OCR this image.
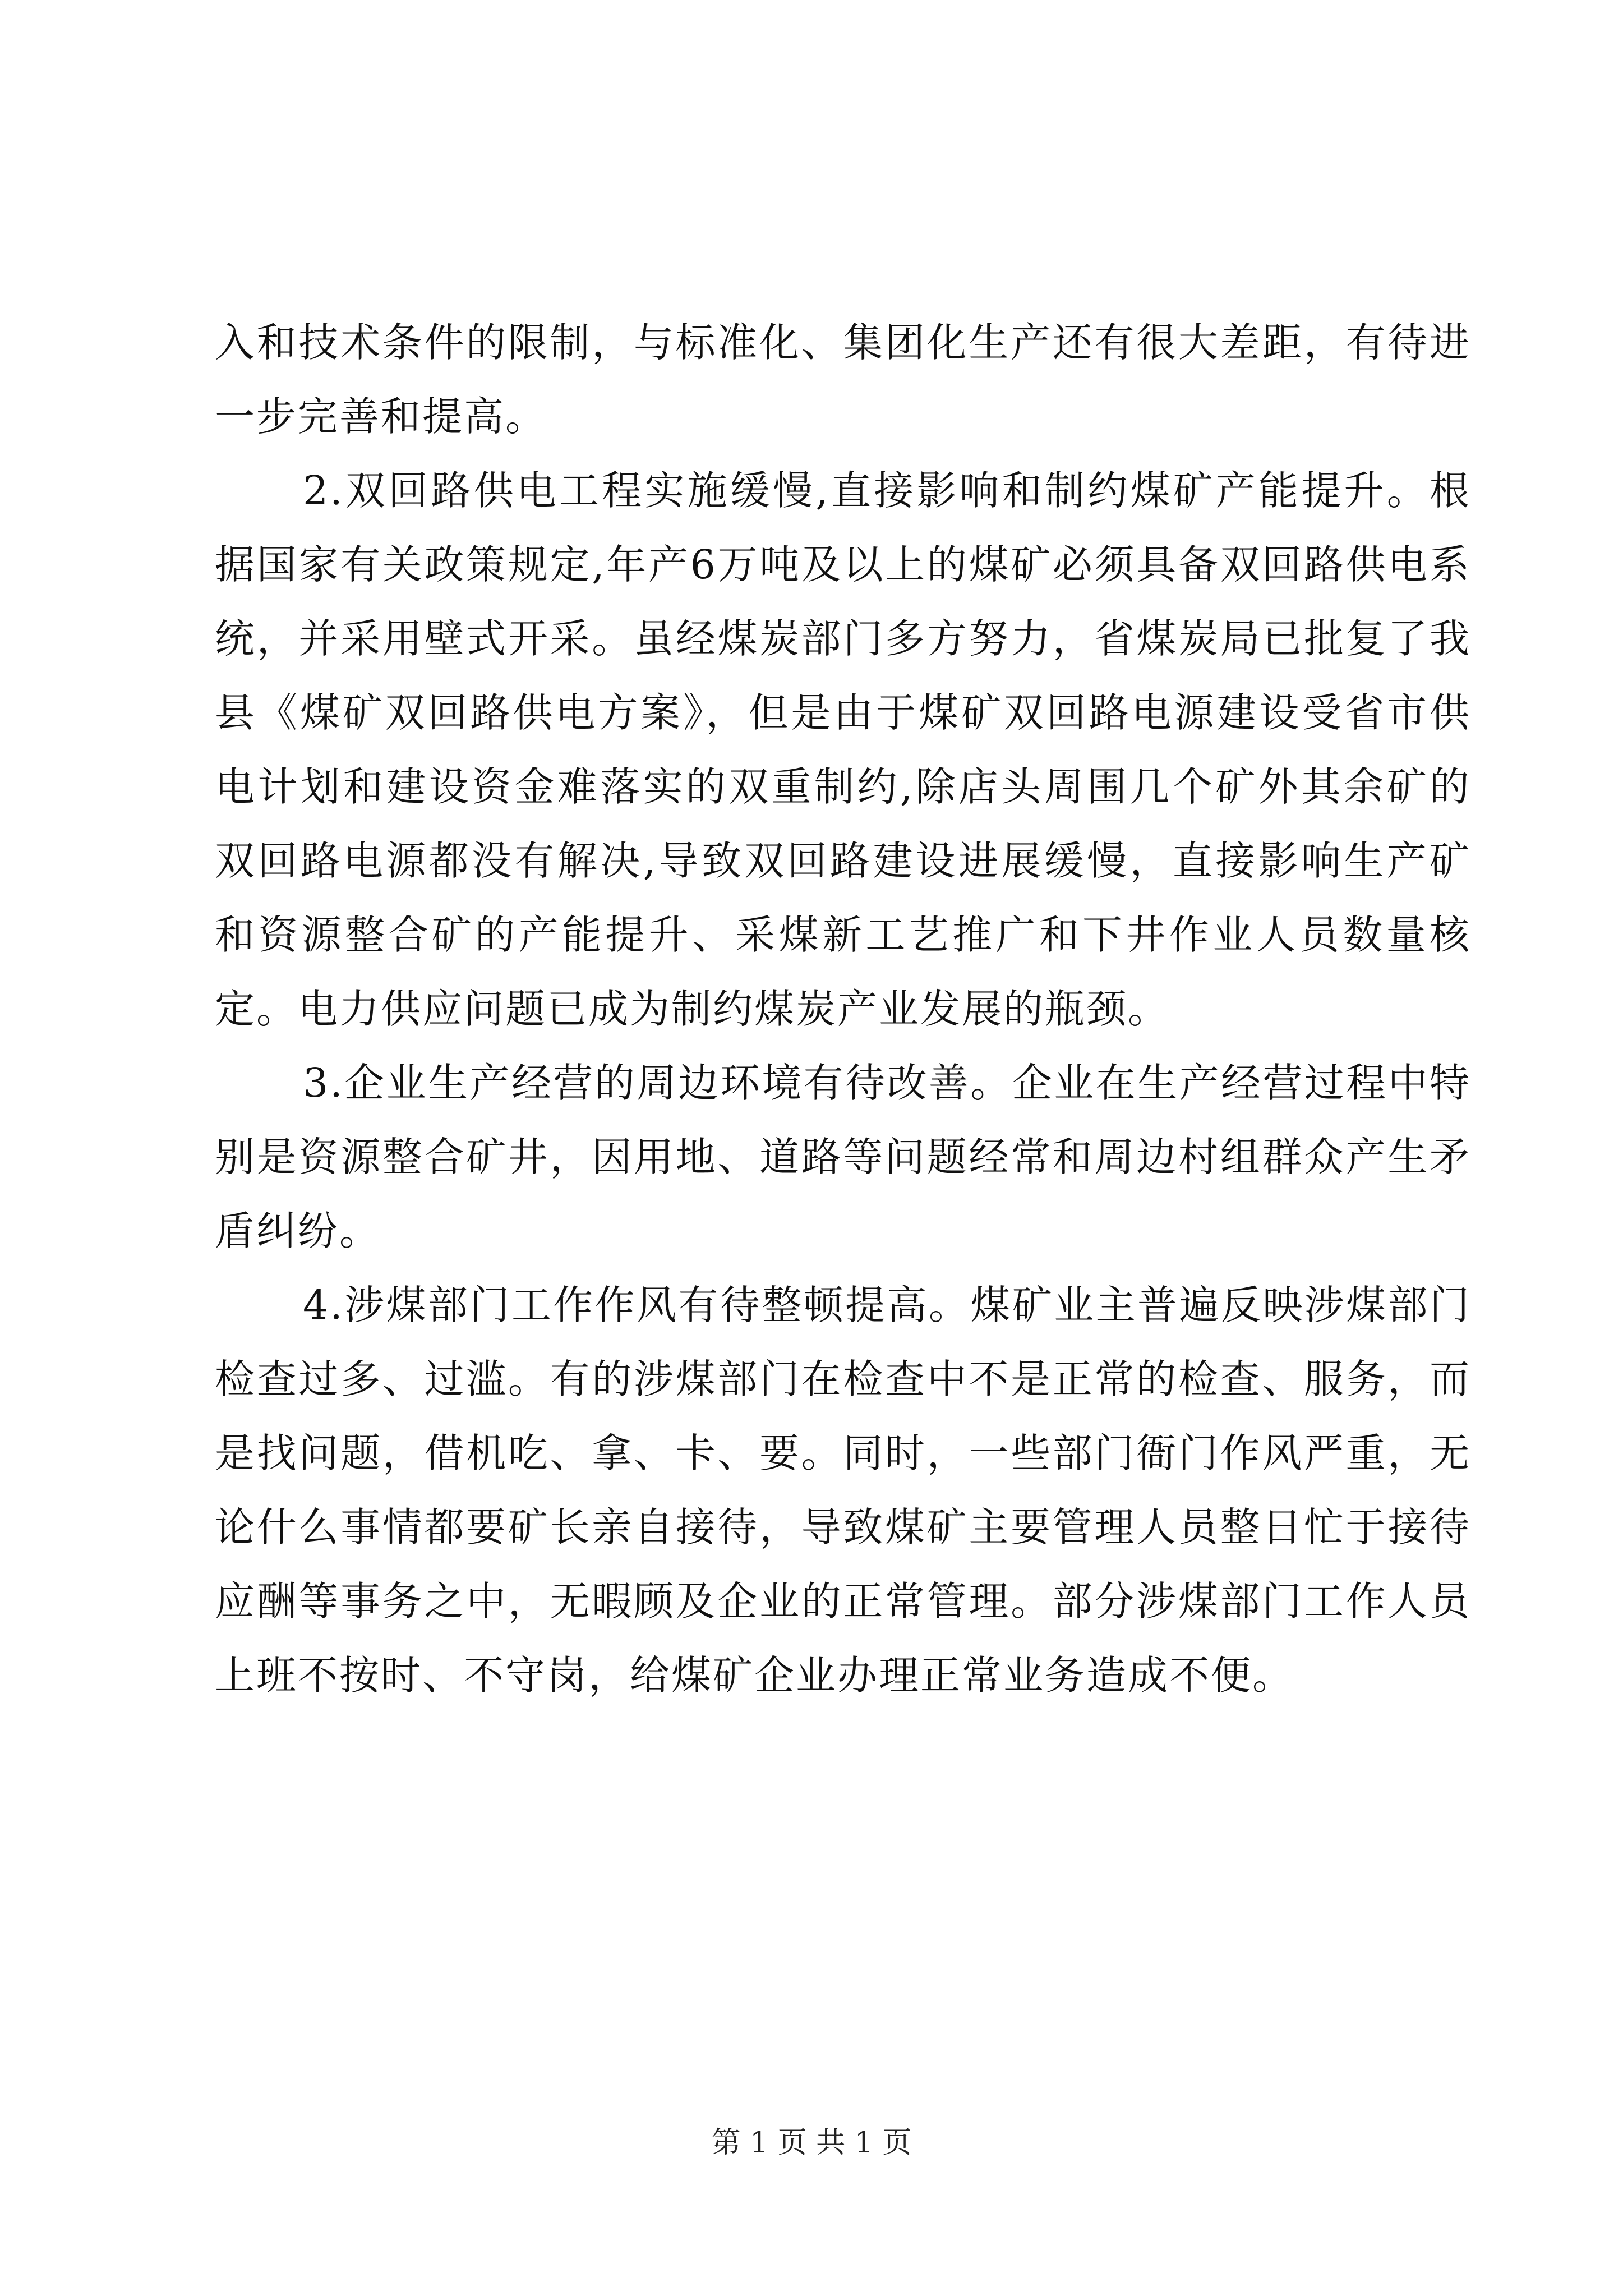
入和技术条件的限制，与标准化、集团化生产还有很大差距，有待进一步完善和提高。

2.双回路供电工程实施缓慢,直接影响和制约煤矿产能提升。根据国家有关政策规定,年产6万吨及以上的煤矿必须具备双回路供电系统，并采用壁式开采。虽经煤炭部门多方努力，省煤炭局已批复了我县《煤矿双回路供电方案》，但是由于煤矿双回路电源建设受省市供电计划和建设资金难落实的双重制约,除店头周围几个矿外其余矿的双回路电源都没有解决,导致双回路建设进展缓慢，直接影响生产矿和资源整合矿的产能提升、采煤新工艺推广和下井作业人员数量核定。电力供应问题已成为制约煤炭产业发展的瓶颈。

3.企业生产经营的周边环境有待改善。企业在生产经营过程中特别是资源整合矿井，因用地、道路等问题经常和周边村组群众产生矛盾纠纷。

4.涉煤部门工作作风有待整顿提高。煤矿业主普遍反映涉煤部门检查过多、过滥。有的涉煤部门在检查中不是正常的检查、服务，而是找问题，借机吃、拿、卡、要。同时，一些部门衙门作风严重，无论什么事情都要矿长亲自接待，导致煤矿主要管理人员整日忙于接待应酬等事务之中，无暇顾及企业的正常管理。部分涉煤部门工作人员上班不按时、不守岗，给煤矿企业办理正常业务造成不便。

第 1 页 共 1 页
